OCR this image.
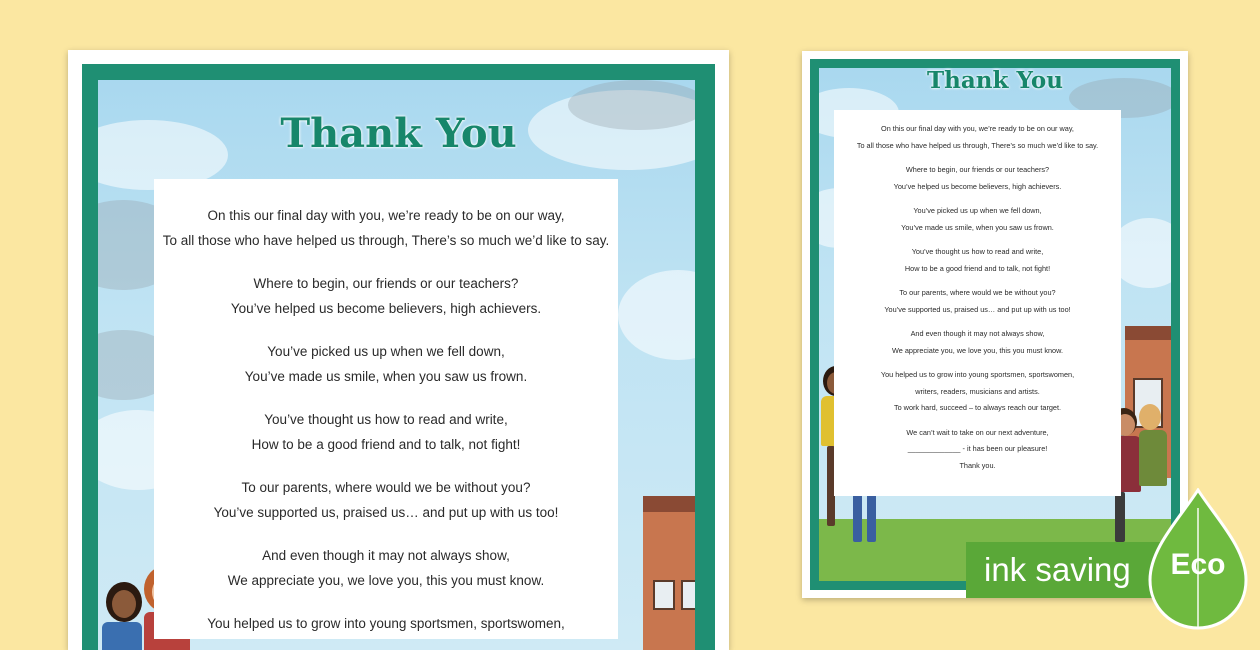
Thank You

On this our final day with you, we’re ready to be on our way,

To all those who have helped us through, There’s so much we’d like to say.

Where to begin, our friends or our teachers?

You’ve helped us become believers, high achievers.

You’ve picked us up when we fell down,

You’ve made us smile, when you saw us frown.

You’ve thought us how to read and write,

How to be a good friend and to talk, not fight!

To our parents, where would we be without you?

You’ve supported us, praised us… and put up with us too!

And even though it may not always show,

We appreciate you, we love you, this you must know.

You helped us to grow into young sportsmen, sportswomen,

Thank You

On this our final day with you, we’re ready to be on our way,

To all those who have helped us through, There’s so much we’d like to say.

Where to begin, our friends or our teachers?

You’ve helped us become believers, high achievers.

You’ve picked us up when we fell down,

You’ve made us smile, when you saw us frown.

You’ve thought us how to read and write,

How to be a good friend and to talk, not fight!

To our parents, where would we be without you?

You’ve supported us, praised us… and put up with us too!

And even though it may not always show,

We appreciate you, we love you, this you must know.

You helped us to grow into young sportsmen, sportswomen,

writers, readers, musicians and artists.

To work hard, succeed – to always reach our target.

We can’t wait to take on our next adventure,

_____________ - it has been our pleasure!

Thank you.

ink saving	Eco
